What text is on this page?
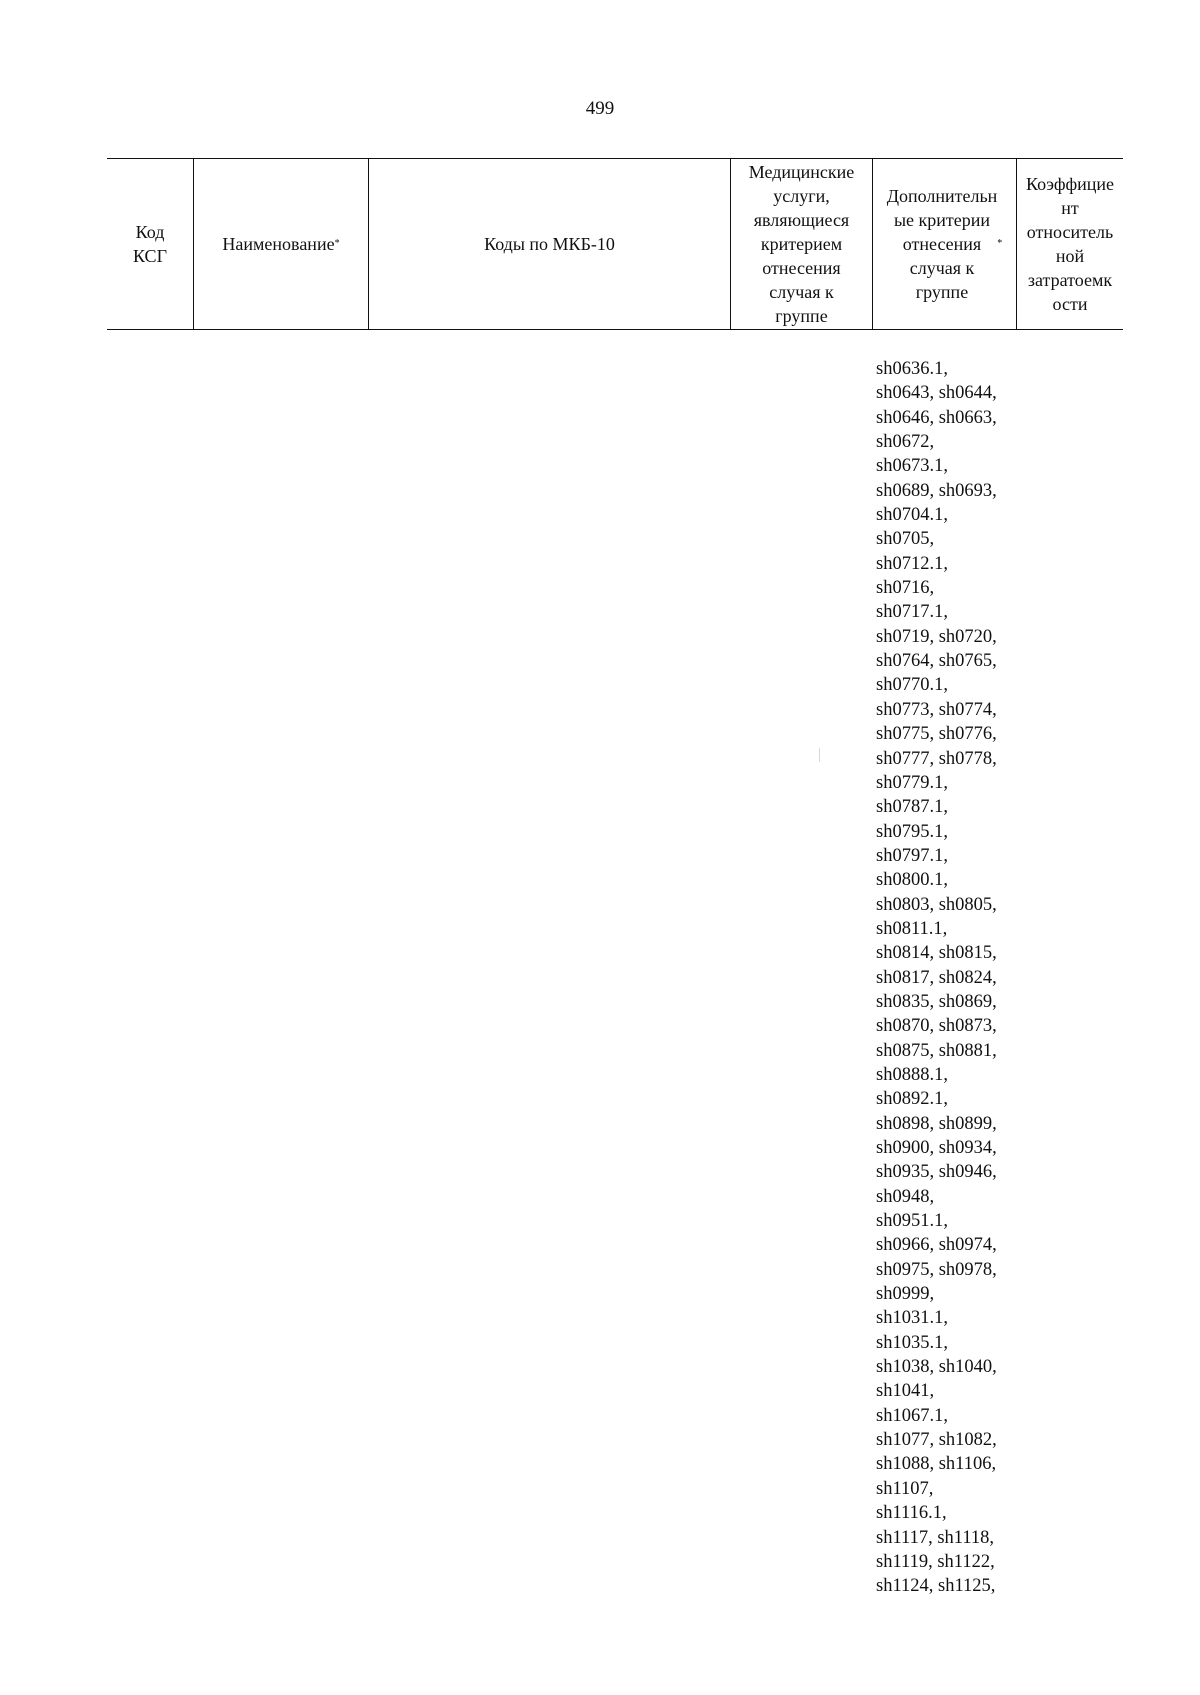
499
Код
КСГ
Наименование *	Коды по МКБ-10
Медицинские
услуги,
являющиеся
критерием
отнесения
случая к
группе
Дополнительн
ые критерии
отнесения
случая к
группе
*
Коэффицие
нт
относитель
ной
затратоемк
ости
sh0636.1,
sh0643, sh0644,
sh0646, sh0663,
sh0672,
sh0673.1,
sh0689, sh0693,
sh0704.1,
sh0705,
sh0712.1,
sh0716,
sh0717.1,
sh0719, sh0720,
sh0764, sh0765,
sh0770.1,
sh0773, sh0774,
sh0775, sh0776,
sh0777, sh0778,
sh0779.1,
sh0787.1,
sh0795.1,
sh0797.1,
sh0800.1,
sh0803, sh0805,
sh0811.1,
sh0814, sh0815,
sh0817, sh0824,
sh0835, sh0869,
sh0870, sh0873,
sh0875, sh0881,
sh0888.1,
sh0892.1,
sh0898, sh0899,
sh0900, sh0934,
sh0935, sh0946,
sh0948,
sh0951.1,
sh0966, sh0974,
sh0975, sh0978,
sh0999,
sh1031.1,
sh1035.1,
sh1038, sh1040,
sh1041,
sh1067.1,
sh1077, sh1082,
sh1088, sh1106,
sh1107,
sh1116.1,
sh1117, sh1118,
sh1119, sh1122,
sh1124, sh1125,
